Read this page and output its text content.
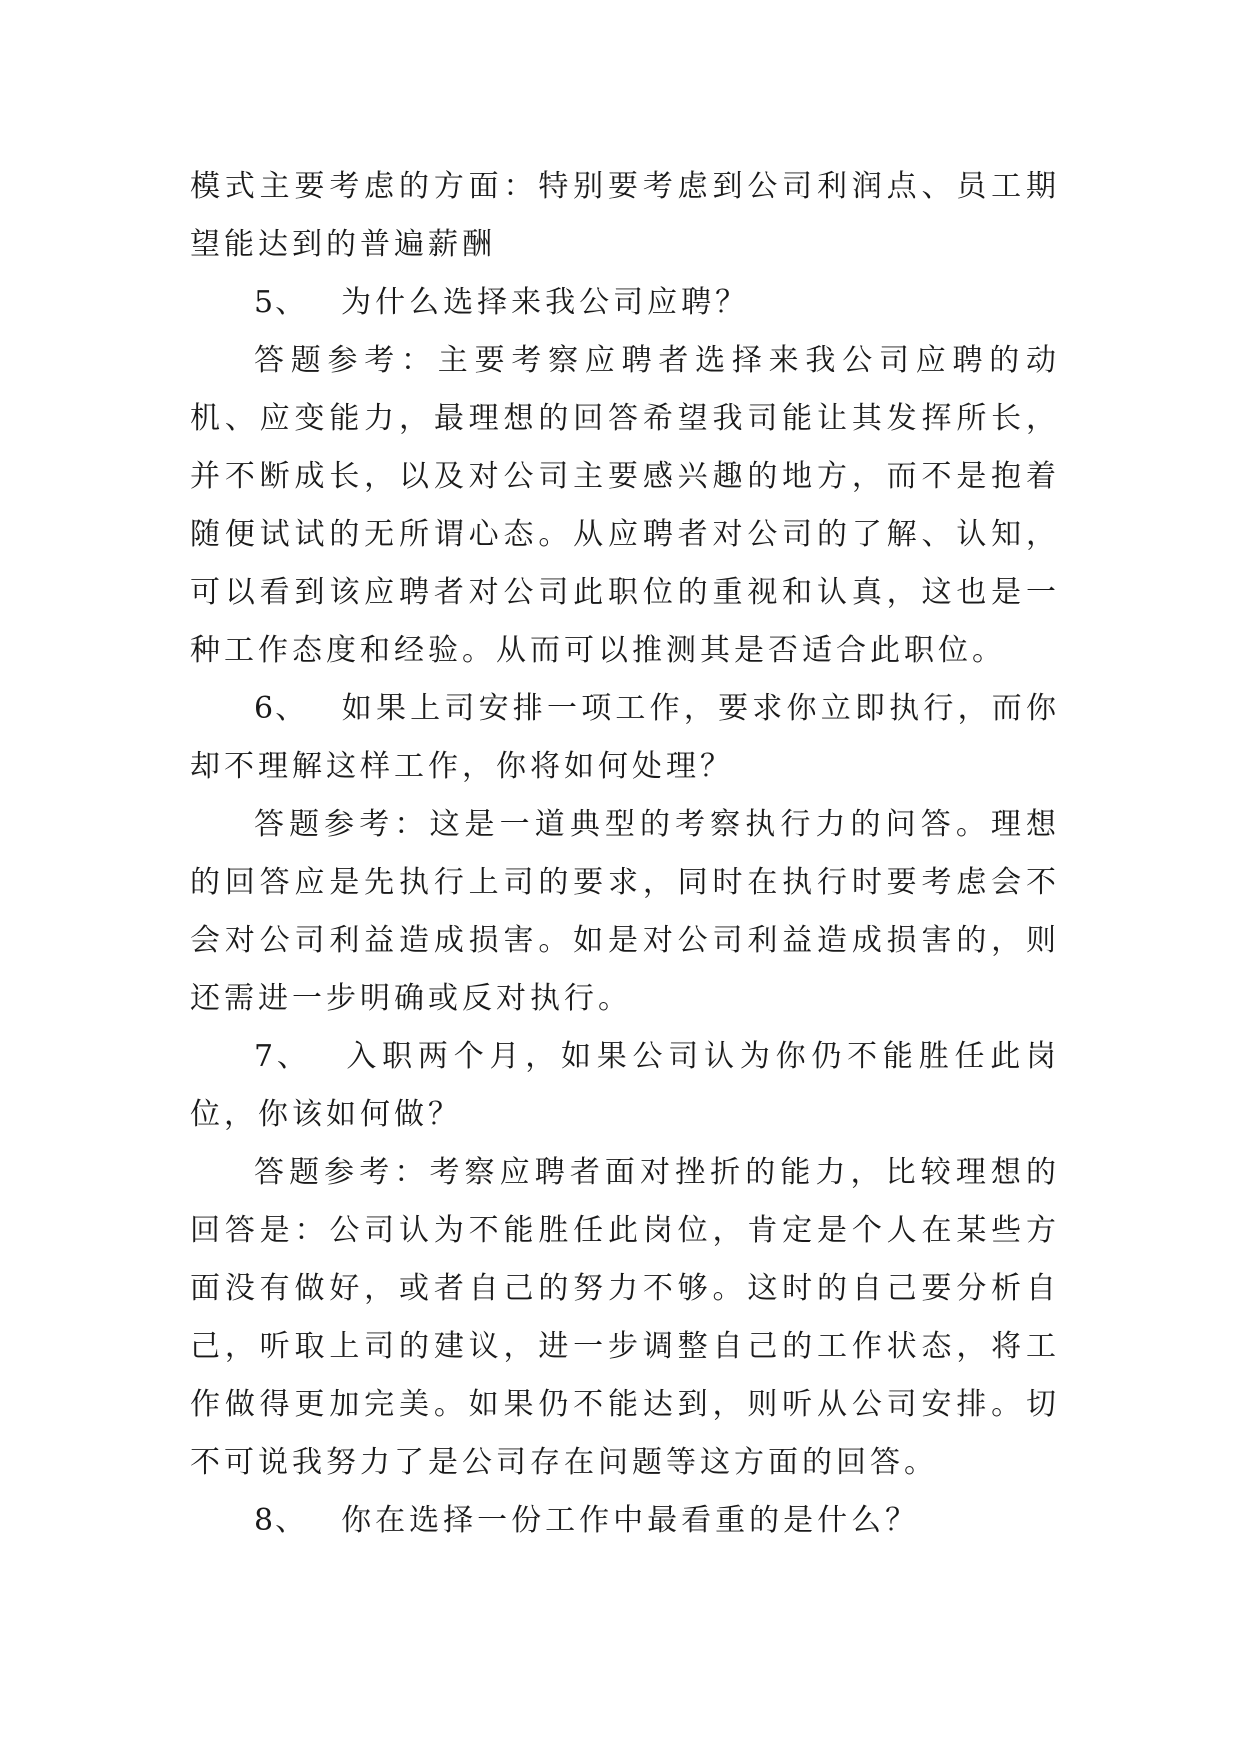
模式主要考虑的方面：特别要考虑到公司利润点、员工期望能达到的普遍薪酬

5、 为什么选择来我公司应聘？

答题参考：主要考察应聘者选择来我公司应聘的动机、应变能力，最理想的回答希望我司能让其发挥所长，并不断成长，以及对公司主要感兴趣的地方，而不是抱着随便试试的无所谓心态。从应聘者对公司的了解、认知，可以看到该应聘者对公司此职位的重视和认真，这也是一种工作态度和经验。从而可以推测其是否适合此职位。

6、 如果上司安排一项工作，要求你立即执行，而你却不理解这样工作，你将如何处理？

答题参考：这是一道典型的考察执行力的问答。理想的回答应是先执行上司的要求，同时在执行时要考虑会不会对公司利益造成损害。如是对公司利益造成损害的，则还需进一步明确或反对执行。

7、 入职两个月，如果公司认为你仍不能胜任此岗位，你该如何做？

答题参考：考察应聘者面对挫折的能力，比较理想的回答是：公司认为不能胜任此岗位，肯定是个人在某些方面没有做好，或者自己的努力不够。这时的自己要分析自己，听取上司的建议，进一步调整自己的工作状态，将工作做得更加完美。如果仍不能达到，则听从公司安排。切不可说我努力了是公司存在问题等这方面的回答。

8、 你在选择一份工作中最看重的是什么？
